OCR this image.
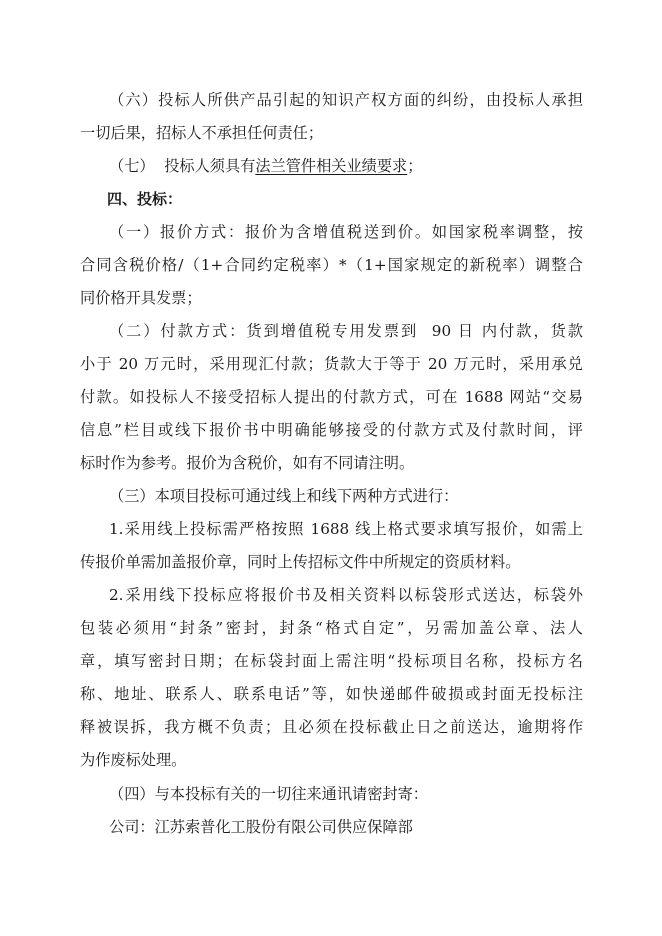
（六）投标人所供产品引起的知识产权方面的纠纷，由投标人承担
一切后果，招标人不承担任何责任；
（七）  投标人须具有法兰管件相关业绩要求；
四、投标：
（一）报价方式：报价为含增值税送到价。如国家税率调整，按
合同含税价格/（1+合同约定税率）*（1+国家规定的新税率）调整合
同价格开具发票；
（二）付款方式：货到增值税专用发票到  90 日 内付款，货款
小于 20 万元时，采用现汇付款；货款大于等于 20 万元时，采用承兑
付款。如投标人不接受招标人提出的付款方式，可在 1688 网站“交易
信息”栏目或线下报价书中明确能够接受的付款方式及付款时间，评
标时作为参考。报价为含税价，如有不同请注明。
（三）本项目投标可通过线上和线下两种方式进行：
1.采用线上投标需严格按照 1688 线上格式要求填写报价，如需上
传报价单需加盖报价章，同时上传招标文件中所规定的资质材料。
2.采用线下投标应将报价书及相关资料以标袋形式送达，标袋外
包装必须用“封条”密封，封条“格式自定”，另需加盖公章、法人
章，填写密封日期；在标袋封面上需注明“投标项目名称，投标方名
称、地址、联系人、联系电话”等，如快递邮件破损或封面无投标注
释被误拆，我方概不负责；且必须在投标截止日之前送达，逾期将作
为作废标处理。
（四）与本投标有关的一切往来通讯请密封寄：
公司：江苏索普化工股份有限公司供应保障部
